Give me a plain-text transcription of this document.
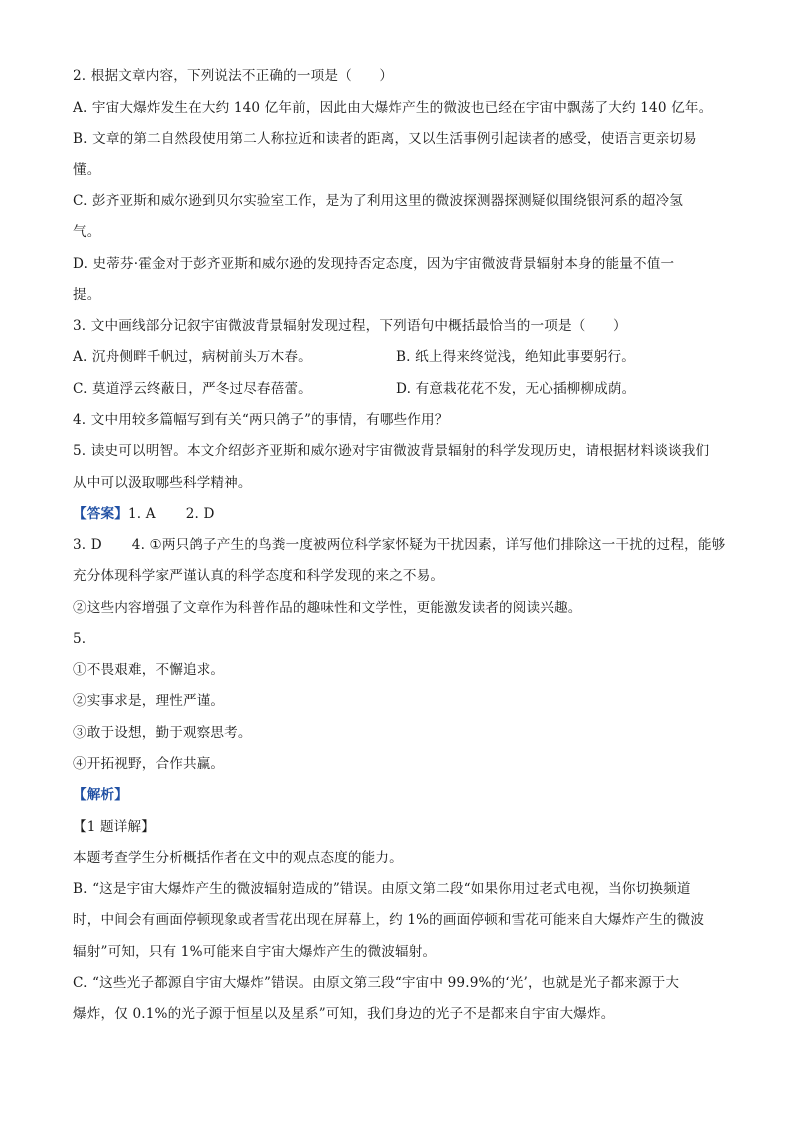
2. 根据文章内容，下列说法不正确的一项是（　　）
A. 宇宙大爆炸发生在大约 140 亿年前，因此由大爆炸产生的微波也已经在宇宙中飘荡了大约 140 亿年。
B. 文章的第二自然段使用第二人称拉近和读者的距离，又以生活事例引起读者的感受，使语言更亲切易
懂。
C. 彭齐亚斯和威尔逊到贝尔实验室工作，是为了利用这里的微波探测器探测疑似围绕银河系的超冷氢
气。
D. 史蒂芬·霍金对于彭齐亚斯和威尔逊的发现持否定态度，因为宇宙微波背景辐射本身的能量不值一
提。
3. 文中画线部分记叙宇宙微波背景辐射发现过程，下列语句中概括最恰当的一项是（　　）
A. 沉舟侧畔千帆过，病树前头万木春。	B. 纸上得来终觉浅，绝知此事要躬行。
C. 莫道浮云终蔽日，严冬过尽春蓓蕾。	D. 有意栽花花不发，无心插柳柳成荫。
4. 文中用较多篇幅写到有关“两只鸽子”的事情，有哪些作用？
5. 读史可以明智。本文介绍彭齐亚斯和威尔逊对宇宙微波背景辐射的科学发现历史，请根据材料谈谈我们
从中可以汲取哪些科学精神。
【答案】1. A 2. D
3. D 4. ①两只鸽子产生的鸟粪一度被两位科学家怀疑为干扰因素，详写他们排除这一干扰的过程，能够
充分体现科学家严谨认真的科学态度和科学发现的来之不易。
②这些内容增强了文章作为科普作品的趣味性和文学性，更能激发读者的阅读兴趣。
5.
①不畏艰难，不懈追求。
②实事求是，理性严谨。
③敢于设想，勤于观察思考。
④开拓视野，合作共赢。
【解析】
【1 题详解】
本题考查学生分析概括作者在文中的观点态度的能力。
B. “这是宇宙大爆炸产生的微波辐射造成的”错误。由原文第二段“如果你用过老式电视，当你切换频道
时，中间会有画面停顿现象或者雪花出现在屏幕上，约 1%的画面停顿和雪花可能来自大爆炸产生的微波
辐射”可知，只有 1%可能来自宇宙大爆炸产生的微波辐射。
C. “这些光子都源自宇宙大爆炸”错误。由原文第三段“宇宙中 99.9%的‘光’，也就是光子都来源于大
爆炸，仅 0.1%的光子源于恒星以及星系”可知，我们身边的光子不是都来自宇宙大爆炸。
